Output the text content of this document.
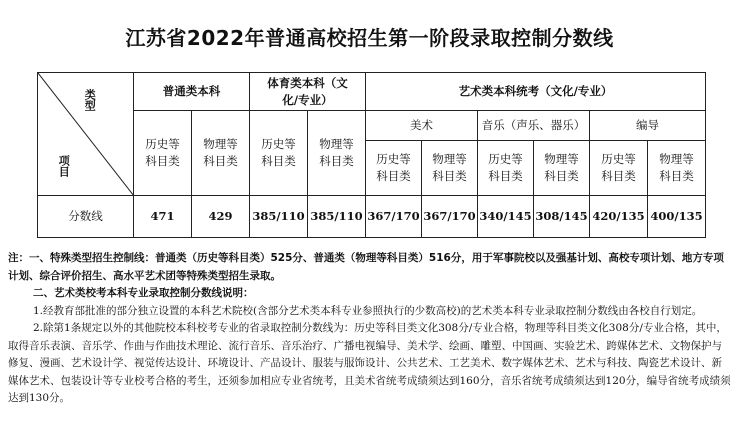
江苏省2022年普通高校招生第一阶段录取控制分数线
类型
项目	普通类本科		体育类本科（文化/专业）		艺术类本科统考（文化/专业）					
	历史等科目类	物理等科目类	历史等科目类	物理等科目类	美术		音乐（声乐、器乐）		编导	
					历史等科目类	物理等科目类	历史等科目类	物理等科目类	历史等科目类	物理等科目类
分数线	471	429	385/110	385/110	367/170	367/170	340/145	308/145	420/135	400/135

注：一、特殊类型招生控制线：普通类（历史等科目类）525分、普通类（物理等科目类）516分，用于军事院校以及强基计划、高校专项计划、地方专项计划、综合评价招生、高水平艺术团等特殊类型招生录取。

二、艺术类校考本科专业录取控制分数线说明：

1.经教育部批准的部分独立设置的本科艺术院校(含部分艺术类本科专业参照执行的少数高校)的艺术类本科专业录取控制分数线由各校自行划定。

2.除第1条规定以外的其他院校本科校考专业的省录取控制分数线为：历史等科目类文化308分/专业合格，物理等科目类文化308分/专业合格，其中，取得音乐表演、音乐学、作曲与作曲技术理论、流行音乐、音乐治疗、广播电视编导、美术学、绘画、雕塑、中国画、实验艺术、跨媒体艺术、文物保护与修复、漫画、艺术设计学、视觉传达设计、环境设计、产品设计、服装与服饰设计、公共艺术、工艺美术、数字媒体艺术、艺术与科技、陶瓷艺术设计、新媒体艺术、包装设计等专业校考合格的考生，还须参加相应专业省统考，且美术省统考成绩须达到160分，音乐省统考成绩须达到120分，编导省统考成绩须达到130分。
